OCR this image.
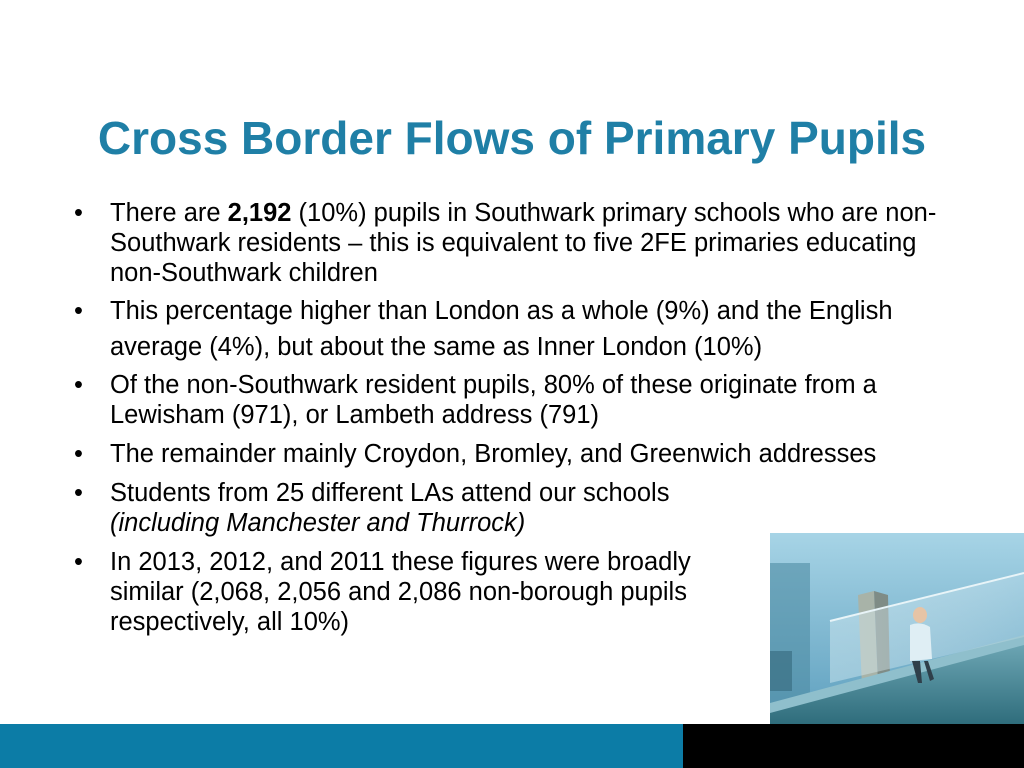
Cross Border Flows of Primary Pupils
• There are 2,192 (10%) pupils in Southwark primary schools who are non-Southwark residents – this is equivalent to five 2FE primaries educating non-Southwark children
• This percentage higher than London as a whole (9%) and the English average (4%), but about the same as Inner London (10%)
• Of the non-Southwark resident pupils, 80% of these originate from a Lewisham (971), or Lambeth address (791)
• The remainder mainly Croydon, Bromley, and Greenwich addresses
• Students from 25 different LAs attend our schools (including Manchester and Thurrock)
• In 2013, 2012, and 2011 these figures were broadly similar (2,068, 2,056 and 2,086 non-borough pupils respectively, all 10%)
www.southwark.gov.uk
